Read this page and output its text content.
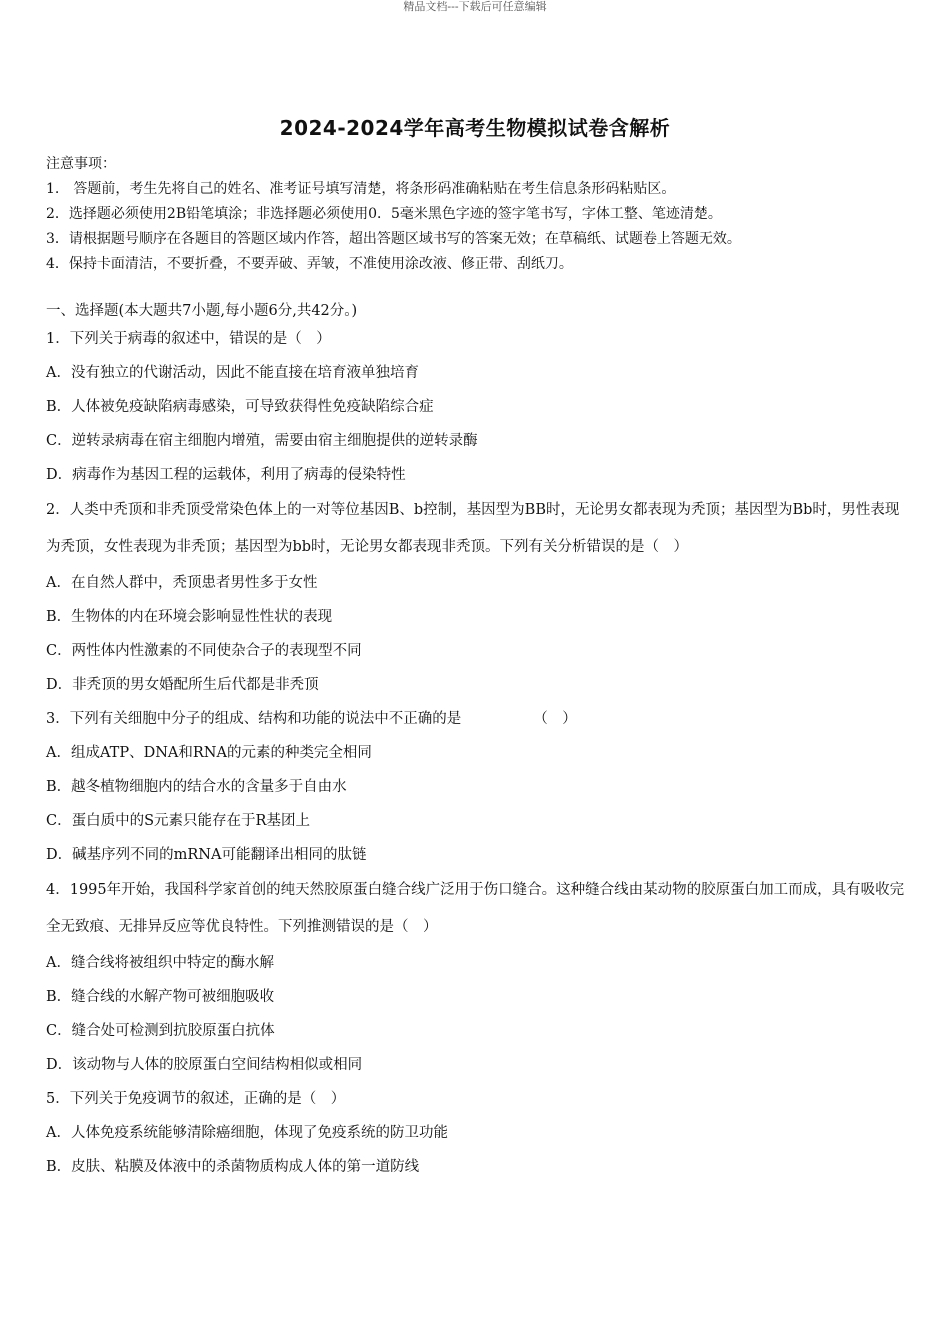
精品文档---下载后可任意编辑
2024-2024学年高考生物模拟试卷含解析
注意事项：
1.　答题前，考生先将自己的姓名、准考证号填写清楚，将条形码准确粘贴在考生信息条形码粘贴区。
2．选择题必须使用2B铅笔填涂；非选择题必须使用0．5毫米黑色字迹的签字笔书写，字体工整、笔迹清楚。
3．请根据题号顺序在各题目的答题区域内作答，超出答题区域书写的答案无效；在草稿纸、试题卷上答题无效。
4．保持卡面清洁，不要折叠，不要弄破、弄皱，不准使用涂改液、修正带、刮纸刀。
一、选择题(本大题共7小题,每小题6分,共42分。)
1．下列关于病毒的叙述中，错误的是（　）
A．没有独立的代谢活动，因此不能直接在培育液单独培育
B．人体被免疫缺陷病毒感染，可导致获得性免疫缺陷综合症
C．逆转录病毒在宿主细胞内增殖，需要由宿主细胞提供的逆转录酶
D．病毒作为基因工程的运载体，利用了病毒的侵染特性
2．人类中秃顶和非秃顶受常染色体上的一对等位基因B、b控制，基因型为BB时，无论男女都表现为秃顶；基因型为Bb时，男性表现为秃顶，女性表现为非秃顶；基因型为bb时，无论男女都表现非秃顶。下列有关分析错误的是（　）
A．在自然人群中，秃顶患者男性多于女性
B．生物体的内在环境会影响显性性状的表现
C．两性体内性激素的不同使杂合子的表现型不同
D．非秃顶的男女婚配所生后代都是非秃顶
3．下列有关细胞中分子的组成、结构和功能的说法中不正确的是	（　）
A．组成ATP、DNA和RNA的元素的种类完全相同
B．越冬植物细胞内的结合水的含量多于自由水
C．蛋白质中的S元素只能存在于R基团上
D．碱基序列不同的mRNA可能翻译出相同的肽链
4．1995年开始，我国科学家首创的纯天然胶原蛋白缝合线广泛用于伤口缝合。这种缝合线由某动物的胶原蛋白加工而成，具有吸收完全无致痕、无排异反应等优良特性。下列推测错误的是（　）
A．缝合线将被组织中特定的酶水解
B．缝合线的水解产物可被细胞吸收
C．缝合处可检测到抗胶原蛋白抗体
D．该动物与人体的胶原蛋白空间结构相似或相同
5．下列关于免疫调节的叙述，正确的是（　）
A．人体免疫系统能够清除癌细胞，体现了免疫系统的防卫功能
B．皮肤、粘膜及体液中的杀菌物质构成人体的第一道防线
